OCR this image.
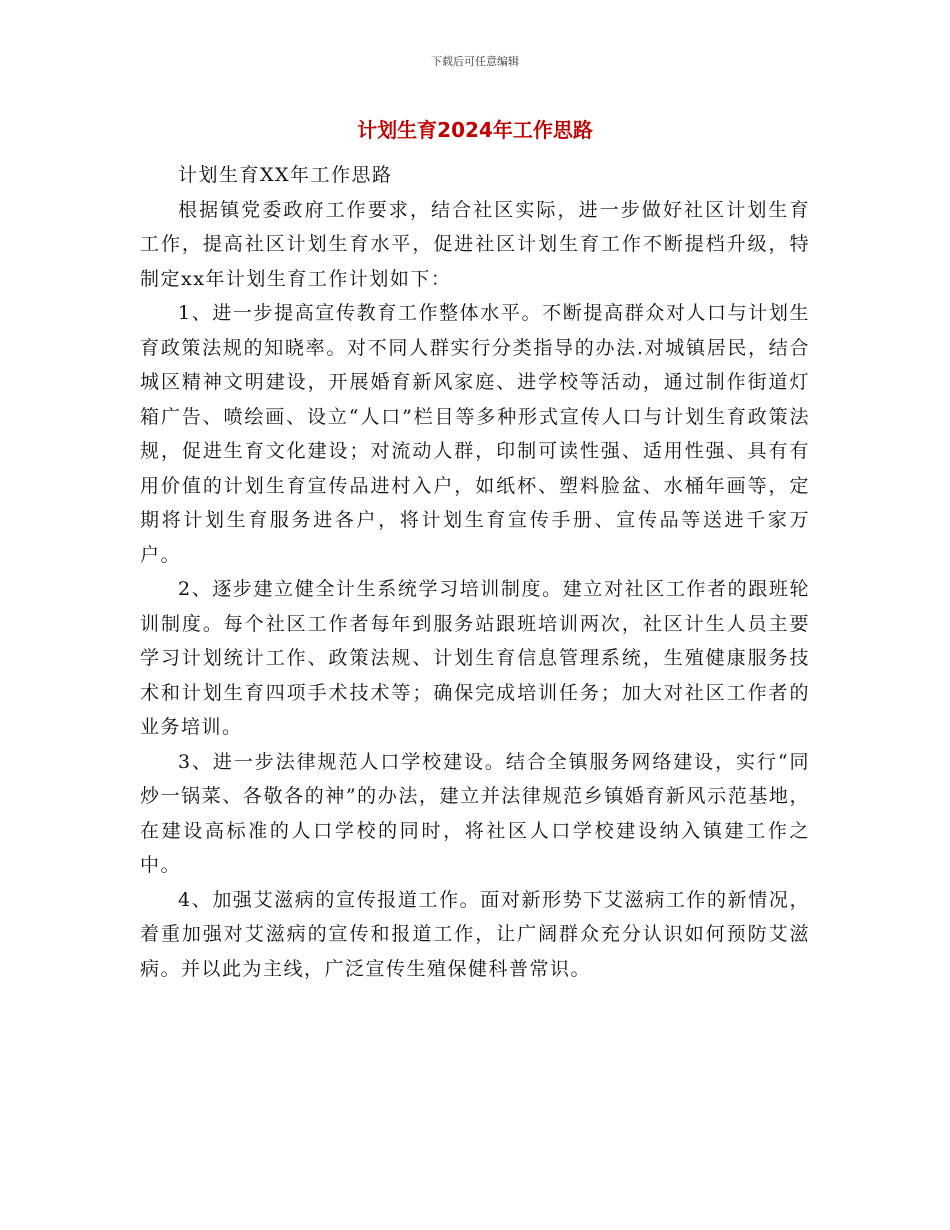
下载后可任意编辑
计划生育2024年工作思路

计划生育XX年工作思路

根据镇党委政府工作要求，结合社区实际，进一步做好社区计划生育工作，提高社区计划生育水平，促进社区计划生育工作不断提档升级，特制定xx年计划生育工作计划如下：

1、进一步提高宣传教育工作整体水平。不断提高群众对人口与计划生育政策法规的知晓率。对不同人群实行分类指导的办法.对城镇居民，结合城区精神文明建设，开展婚育新风家庭、进学校等活动，通过制作街道灯箱广告、喷绘画、设立“人口”栏目等多种形式宣传人口与计划生育政策法规，促进生育文化建设；对流动人群，印制可读性强、适用性强、具有有用价值的计划生育宣传品进村入户，如纸杯、塑料脸盆、水桶年画等，定期将计划生育服务进各户，将计划生育宣传手册、宣传品等送进千家万户。

2、逐步建立健全计生系统学习培训制度。建立对社区工作者的跟班轮训制度。每个社区工作者每年到服务站跟班培训两次，社区计生人员主要学习计划统计工作、政策法规、计划生育信息管理系统，生殖健康服务技术和计划生育四项手术技术等；确保完成培训任务；加大对社区工作者的业务培训。

3、进一步法律规范人口学校建设。结合全镇服务网络建设，实行“同炒一锅菜、各敬各的神”的办法，建立并法律规范乡镇婚育新风示范基地，在建设高标准的人口学校的同时，将社区人口学校建设纳入镇建工作之中。

4、加强艾滋病的宣传报道工作。面对新形势下艾滋病工作的新情况，着重加强对艾滋病的宣传和报道工作，让广阔群众充分认识如何预防艾滋病。并以此为主线，广泛宣传生殖保健科普常识。
